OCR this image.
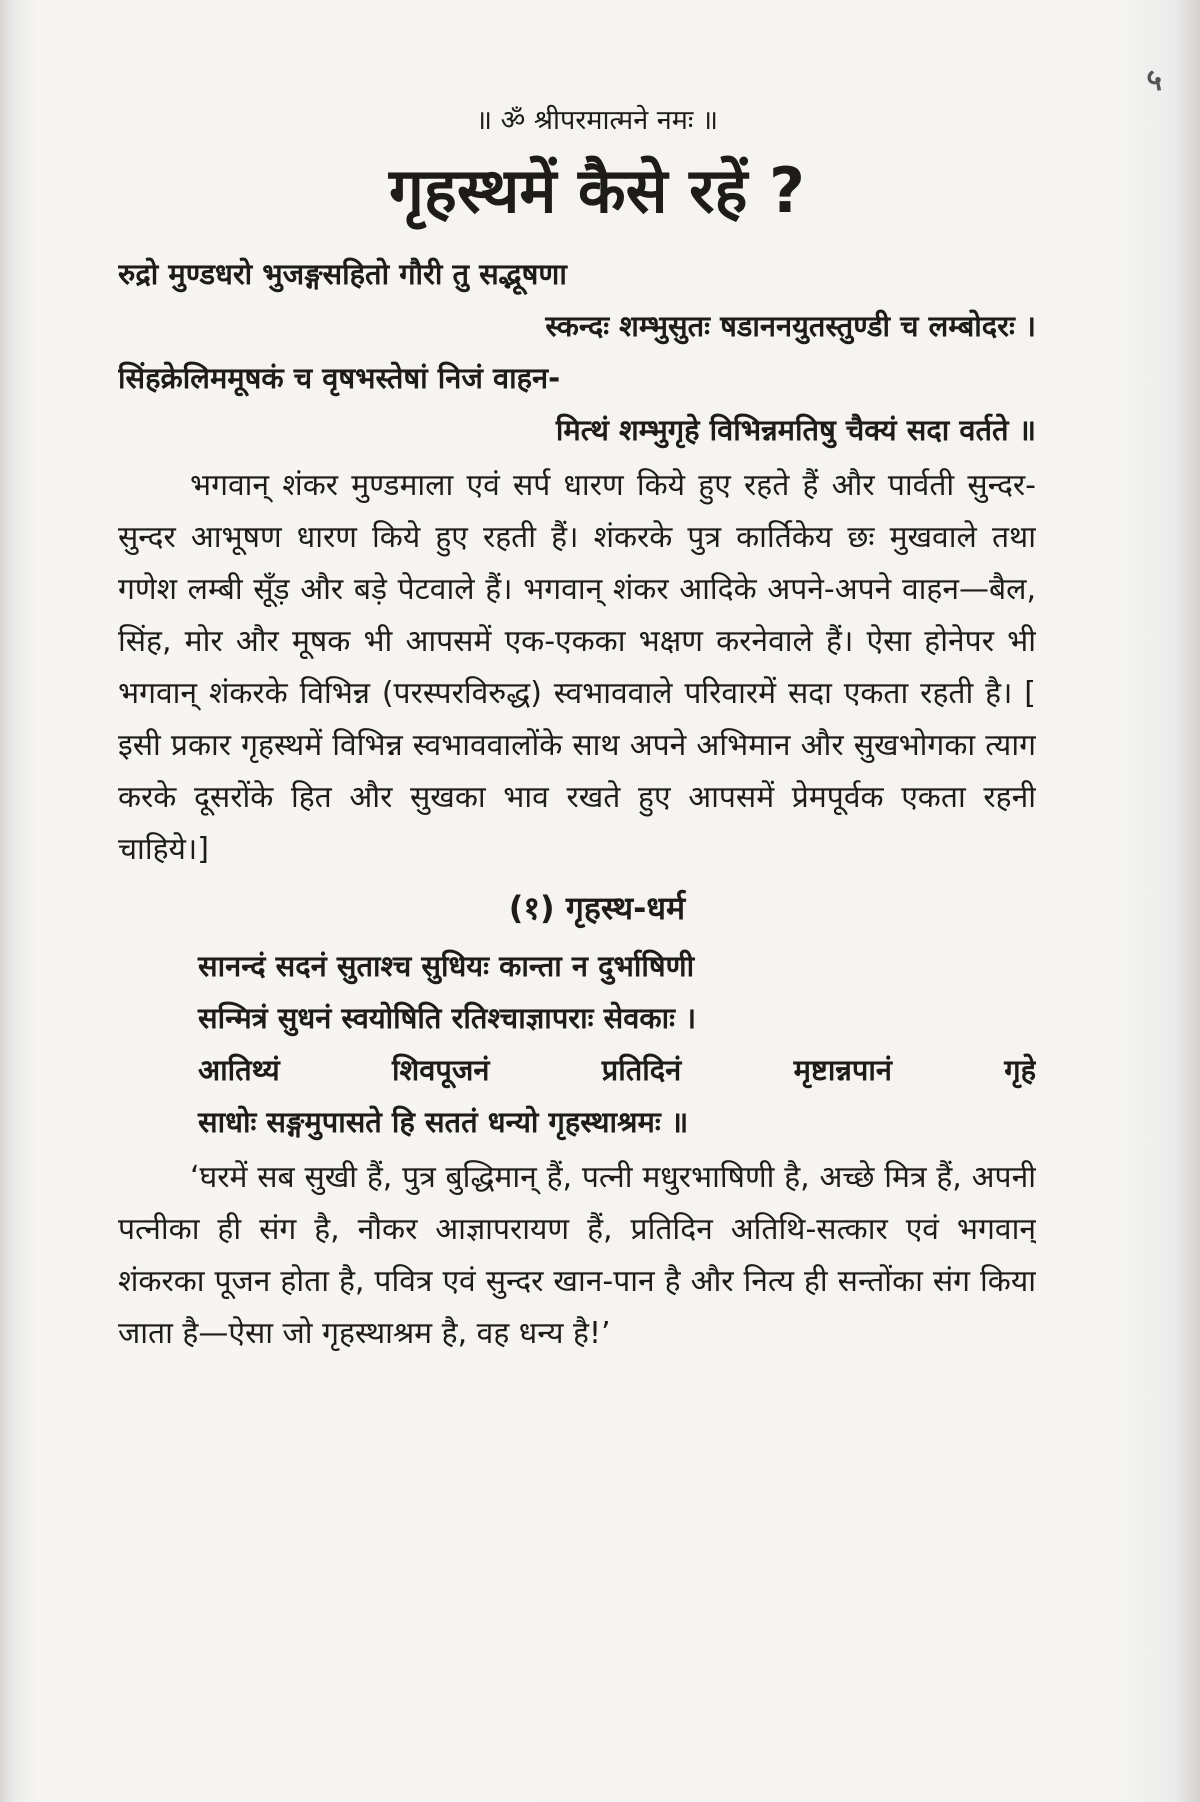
५
॥ ॐ श्रीपरमात्मने नमः ॥
गृहस्थमें कैसे रहें ?
रुद्रो मुण्डधरो भुजङ्गसहितो गौरी तु सद्भूषणा
स्कन्दः शम्भुसुतः षडाननयुतस्तुण्डी च लम्बोदरः ।
सिंहक्रेलिममूषकं च वृषभस्तेषां निजं वाहन-
मित्थं शम्भुगृहे विभिन्नमतिषु चैक्यं सदा वर्तते ॥

भगवान् शंकर मुण्डमाला एवं सर्प धारण किये हुए रहते हैं और पार्वती सुन्दर-सुन्दर आभूषण धारण किये हुए रहती हैं। शंकरके पुत्र कार्तिकेय छः मुखवाले तथा गणेश लम्बी सूँड़ और बड़े पेटवाले हैं। भगवान् शंकर आदिके अपने-अपने वाहन—बैल, सिंह, मोर और मूषक भी आपसमें एक-एकका भक्षण करनेवाले हैं। ऐसा होनेपर भी भगवान् शंकरके विभिन्न (परस्परविरुद्ध) स्वभाववाले परिवारमें सदा एकता रहती है। [ इसी प्रकार गृहस्थमें विभिन्न स्वभाववालोंके साथ अपने अभिमान और सुखभोगका त्याग करके दूसरोंके हित और सुखका भाव रखते हुए आपसमें प्रेमपूर्वक एकता रहनी चाहिये।]

(१) गृहस्थ-धर्म
सानन्दं सदनं सुताश्च सुधियः कान्ता न दुर्भाषिणी
सन्मित्रं सुधनं स्वयोषिति रतिश्चाज्ञापराः सेवकाः ।
आतिथ्यं शिवपूजनं प्रतिदिनं मृष्टान्नपानं गृहे
साधोः सङ्गमुपासते हि सततं धन्यो गृहस्थाश्रमः ॥

‘घरमें सब सुखी हैं, पुत्र बुद्धिमान् हैं, पत्नी मधुरभाषिणी है, अच्छे मित्र हैं, अपनी पत्नीका ही संग है, नौकर आज्ञापरायण हैं, प्रतिदिन अतिथि-सत्कार एवं भगवान् शंकरका पूजन होता है, पवित्र एवं सुन्दर खान-पान है और नित्य ही सन्तोंका संग किया जाता है—ऐसा जो गृहस्थाश्रम है, वह धन्य है!’
